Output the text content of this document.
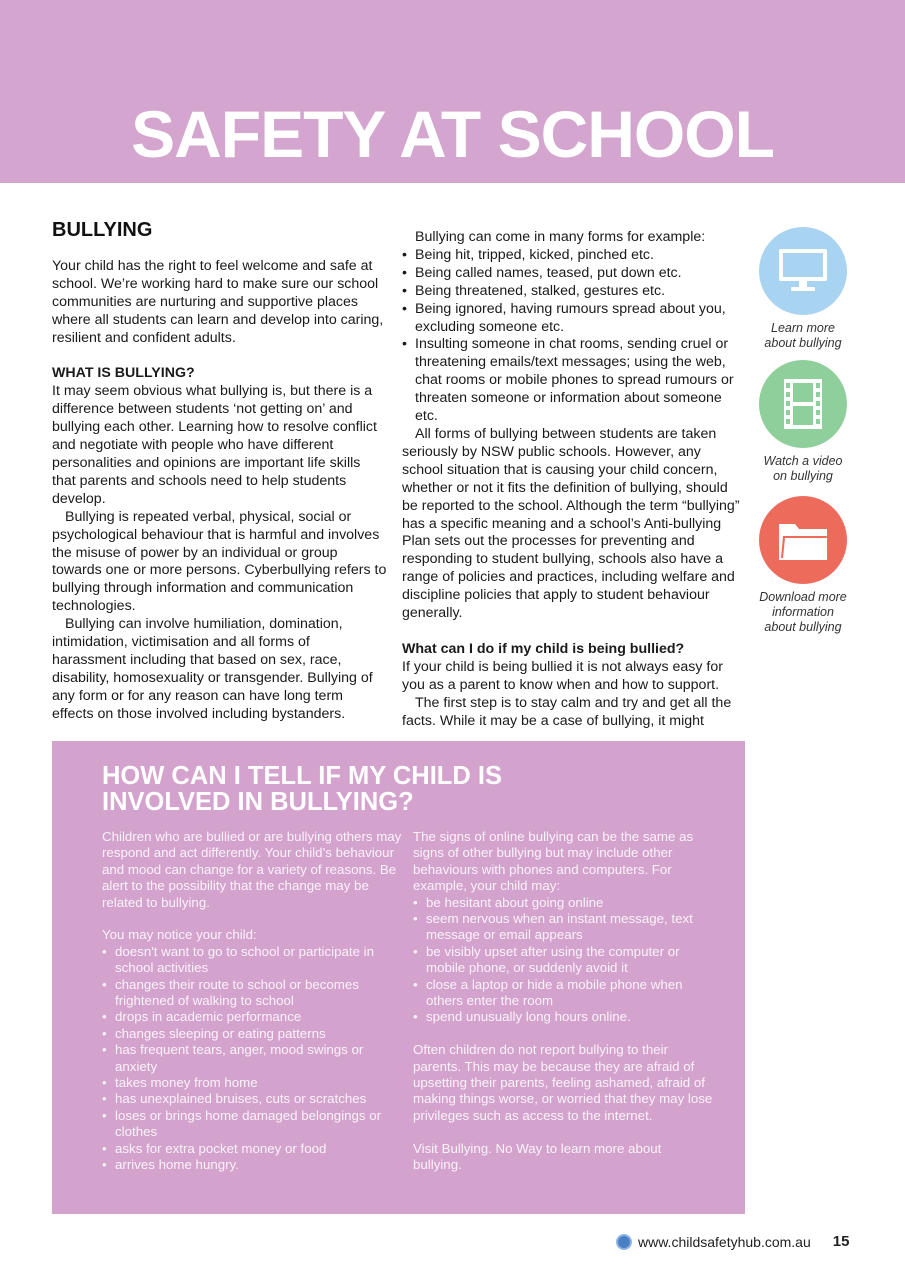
SAFETY AT SCHOOL
BULLYING

Your child has the right to feel welcome and safe at school. We’re working hard to make sure our school communities are nurturing and supportive places where all students can learn and develop into caring, resilient and confident adults.

WHAT IS BULLYING?

It may seem obvious what bullying is, but there is a difference between students ‘not getting on’ and bullying each other. Learning how to resolve conflict and negotiate with people who have different personalities and opinions are important life skills that parents and schools need to help students develop.

Bullying is repeated verbal, physical, social or psychological behaviour that is harmful and involves the misuse of power by an individual or group towards one or more persons. Cyberbullying refers to bullying through information and communication technologies.

Bullying can involve humiliation, domination, intimidation, victimisation and all forms of harassment including that based on sex, race, disability, homosexuality or transgender. Bullying of any form or for any reason can have long term effects on those involved including bystanders.

Bullying can come in many forms for example:

• Being hit, tripped, kicked, pinched etc.
• Being called names, teased, put down etc.
• Being threatened, stalked, gestures etc.
• Being ignored, having rumours spread about you, excluding someone etc.
• Insulting someone in chat rooms, sending cruel or threatening emails/text messages; using the web, chat rooms or mobile phones to spread rumours or threaten someone or information about someone etc.

All forms of bullying between students are taken seriously by NSW public schools. However, any school situation that is causing your child concern, whether or not it fits the definition of bullying, should be reported to the school. Although the term “bullying” has a specific meaning and a school’s Anti-bullying Plan sets out the processes for preventing and responding to student bullying, schools also have a range of policies and practices, including welfare and discipline policies that apply to student behaviour generally.

What can I do if my child is being bullied?

If your child is being bullied it is not always easy for you as a parent to know when and how to support.

The first step is to stay calm and try and get all the facts. While it may be a case of bullying, it might

Learn more about bullying
Watch a video on bullying
Download more information about bullying
HOW CAN I TELL IF MY CHILD IS INVOLVED IN BULLYING?

Children who are bullied or are bullying others may respond and act differently. Your child’s behaviour and mood can change for a variety of reasons. Be alert to the possibility that the change may be related to bullying.

You may notice your child:

• doesn't want to go to school or participate in school activities
• changes their route to school or becomes frightened of walking to school
• drops in academic performance
• changes sleeping or eating patterns
• has frequent tears, anger, mood swings or anxiety
• takes money from home
• has unexplained bruises, cuts or scratches
• loses or brings home damaged belongings or clothes
• asks for extra pocket money or food
• arrives home hungry.

The signs of online bullying can be the same as signs of other bullying but may include other behaviours with phones and computers. For example, your child may:

• be hesitant about going online
• seem nervous when an instant message, text message or email appears
• be visibly upset after using the computer or mobile phone, or suddenly avoid it
• close a laptop or hide a mobile phone when others enter the room
• spend unusually long hours online.

Often children do not report bullying to their parents. This may be because they are afraid of upsetting their parents, feeling ashamed, afraid of making things worse, or worried that they may lose privileges such as access to the internet.

Visit Bullying. No Way to learn more about bullying.

www.childsafetyhub.com.au 15
